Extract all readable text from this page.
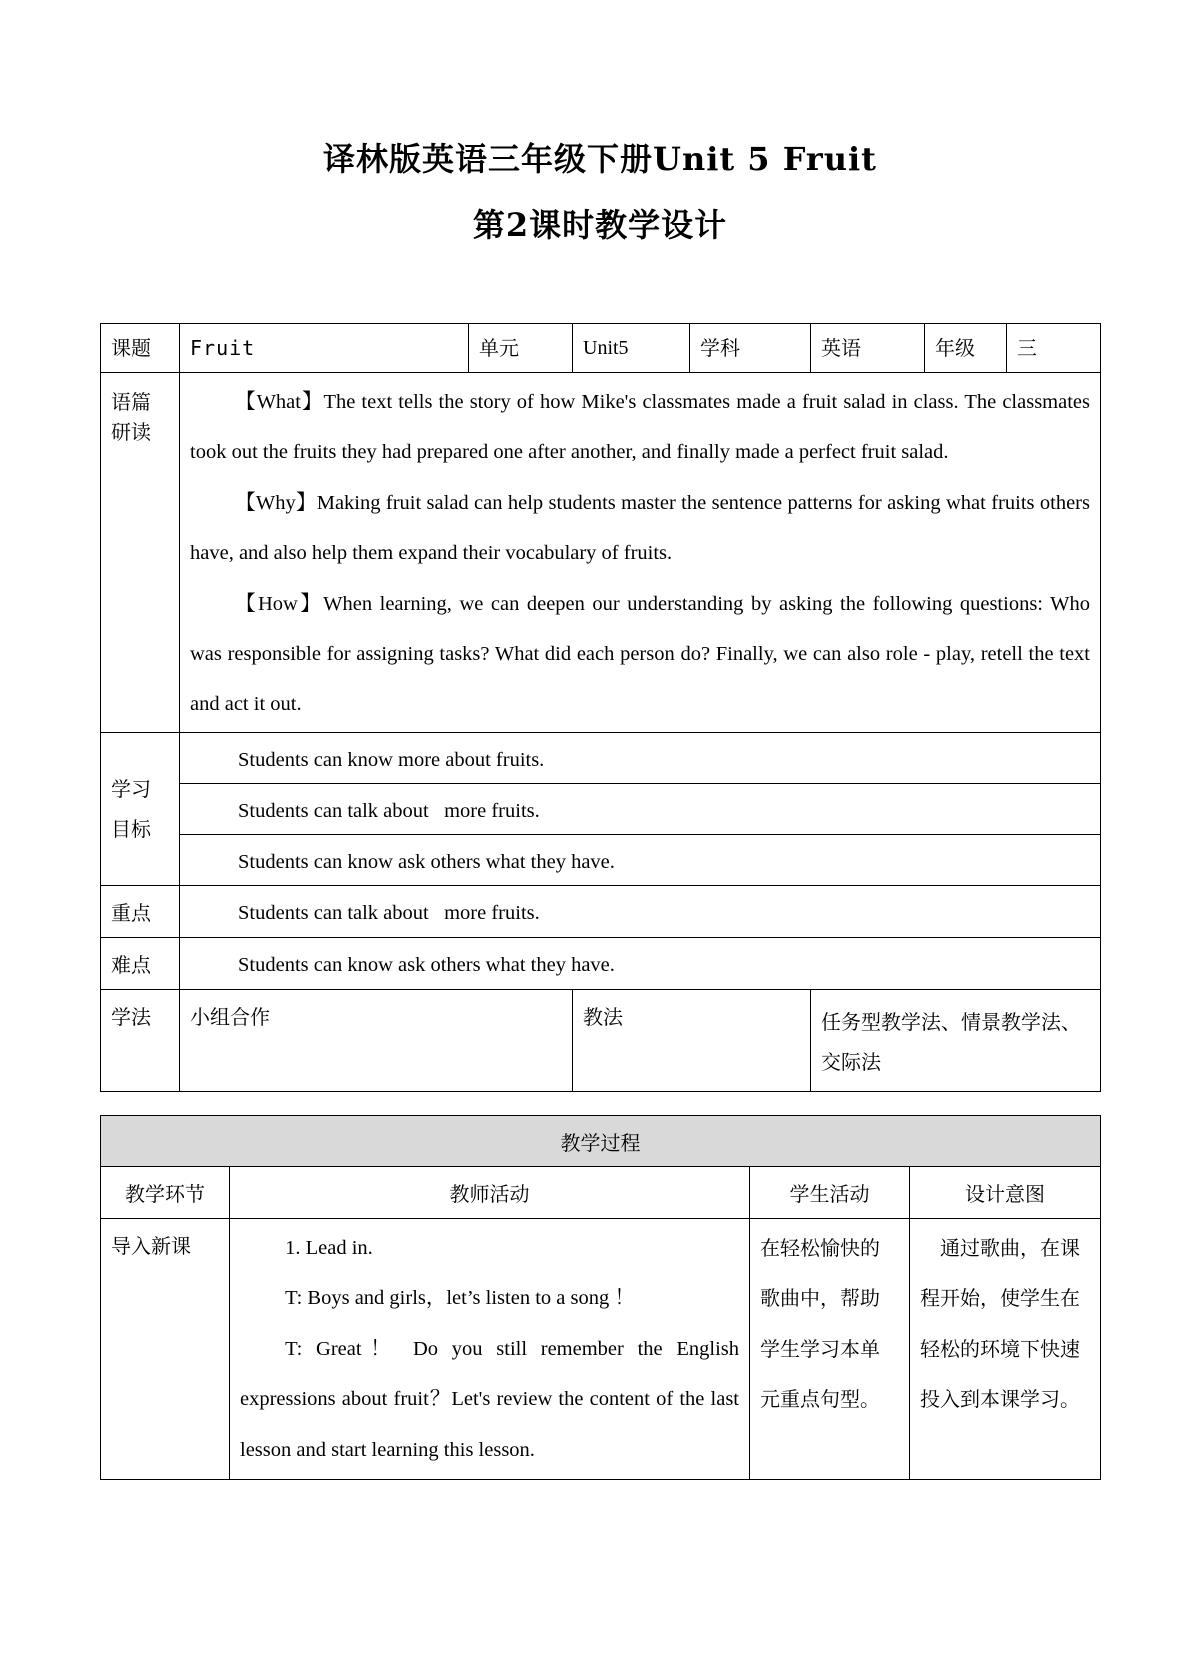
译林版英语三年级下册Unit 5 Fruit
第2课时教学设计
课题	Fruit	单元	Unit5	学科	英语	年级	三
语篇研读	【What】The text tells the story of how Mike's classmates made a fruit salad in class. The classmates took out the fruits they had prepared one after another, and finally made a perfect fruit salad.
【Why】Making fruit salad can help students master the sentence patterns for asking what fruits others have, and also help them expand their vocabulary of fruits.
【How】When learning, we can deepen our understanding by asking the following questions: Who was responsible for assigning tasks? What did each person do? Finally, we can also role - play, retell the text and act it out.						

学习目标	Students can know more about fruits.						
	Students can talk about   more fruits.						
	Students can know ask others what they have.						
重点	Students can talk about   more fruits.						
难点	Students can know ask others what they have.						
学法	小组合作		教法		任务型教学法、情景教学法、交际法		
教学过程			
教学环节	教师活动	学生活动	设计意图
导入新课	1. Lead in.

T: Boys and girls，let’s listen to a song ！

T: Great！ Do you still remember the English expressions about fruit？Let's review the content of the last lesson and start learning this lesson.	在轻松愉快的歌曲中，帮助学生学习本单元重点句型。	通过歌曲，在课程开始，使学生在轻松的环境下快速投入到本课学习。
